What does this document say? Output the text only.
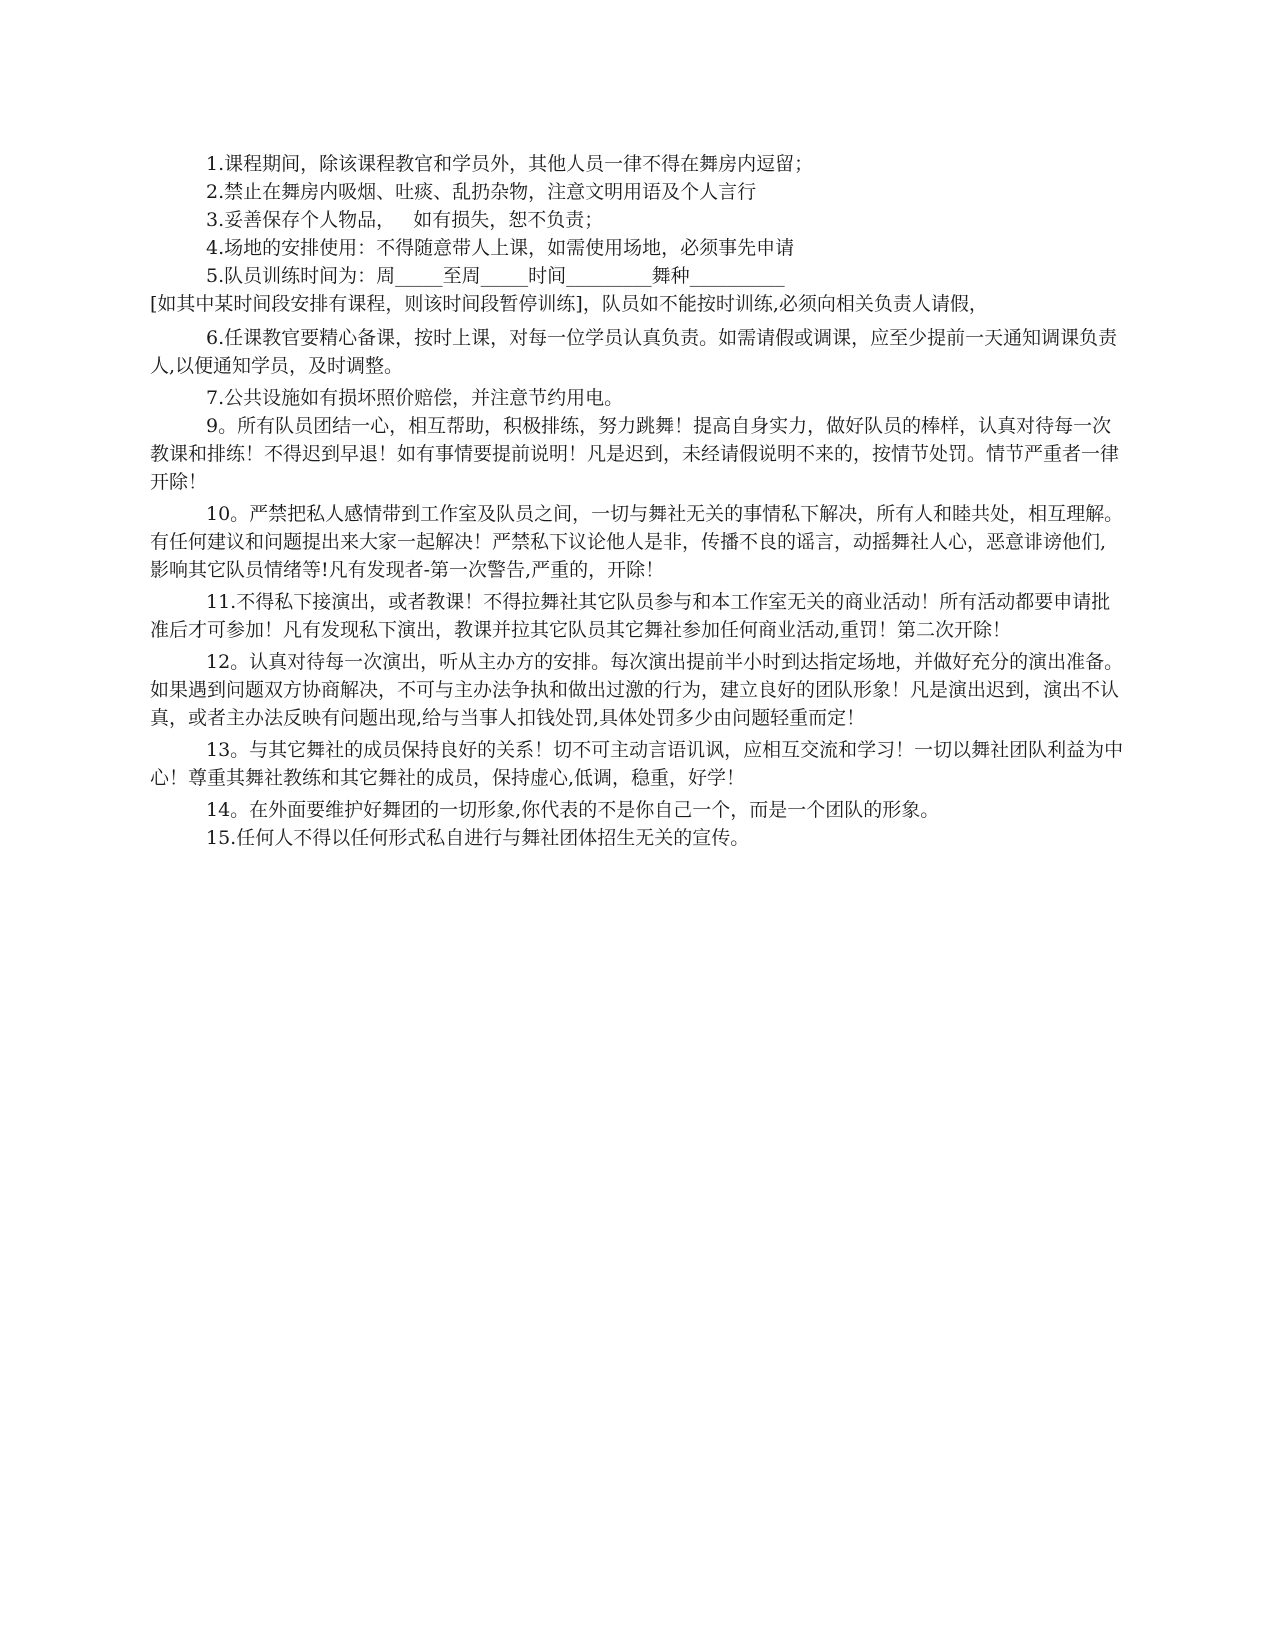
1.课程期间，除该课程教官和学员外，其他人员一律不得在舞房内逗留；

2.禁止在舞房内吸烟、吐痰、乱扔杂物，注意文明用语及个人言行

3.妥善保存个人物品，   如有损失，恕不负责；

4.场地的安排使用：不得随意带人上课，如需使用场地，必须事先申请

5.队员训练时间为：周_____至周_____时间_________舞种__________

[如其中某时间段安排有课程，则该时间段暂停训练]，队员如不能按时训练,必须向相关负责人请假，

6.任课教官要精心备课，按时上课，对每一位学员认真负责。如需请假或调课，应至少提前一天通知调课负责人,以便通知学员，及时调整。

7.公共设施如有损坏照价赔偿，并注意节约用电。

9。所有队员团结一心，相互帮助，积极排练，努力跳舞！提高自身实力，做好队员的棒样，认真对待每一次教课和排练！不得迟到早退！如有事情要提前说明！凡是迟到，未经请假说明不来的，按情节处罚。情节严重者一律开除！

10。严禁把私人感情带到工作室及队员之间，一切与舞社无关的事情私下解决，所有人和睦共处，相互理解。有任何建议和问题提出来大家一起解决！严禁私下议论他人是非，传播不良的谣言，动摇舞社人心，恶意诽谤他们,影响其它队员情绪等!凡有发现者-第一次警告,严重的，开除！

11.不得私下接演出，或者教课！不得拉舞社其它队员参与和本工作室无关的商业活动！所有活动都要申请批准后才可参加！凡有发现私下演出，教课并拉其它队员其它舞社参加任何商业活动,重罚！第二次开除！

12。认真对待每一次演出，听从主办方的安排。每次演出提前半小时到达指定场地，并做好充分的演出准备。如果遇到问题双方协商解决，不可与主办法争执和做出过激的行为，建立良好的团队形象！凡是演出迟到，演出不认真，或者主办法反映有问题出现,给与当事人扣钱处罚,具体处罚多少由问题轻重而定！

13。与其它舞社的成员保持良好的关系！切不可主动言语讥讽，应相互交流和学习！一切以舞社团队利益为中心！尊重其舞社教练和其它舞社的成员，保持虚心,低调，稳重，好学！

14。在外面要维护好舞团的一切形象,你代表的不是你自己一个，而是一个团队的形象。

15.任何人不得以任何形式私自进行与舞社团体招生无关的宣传。
